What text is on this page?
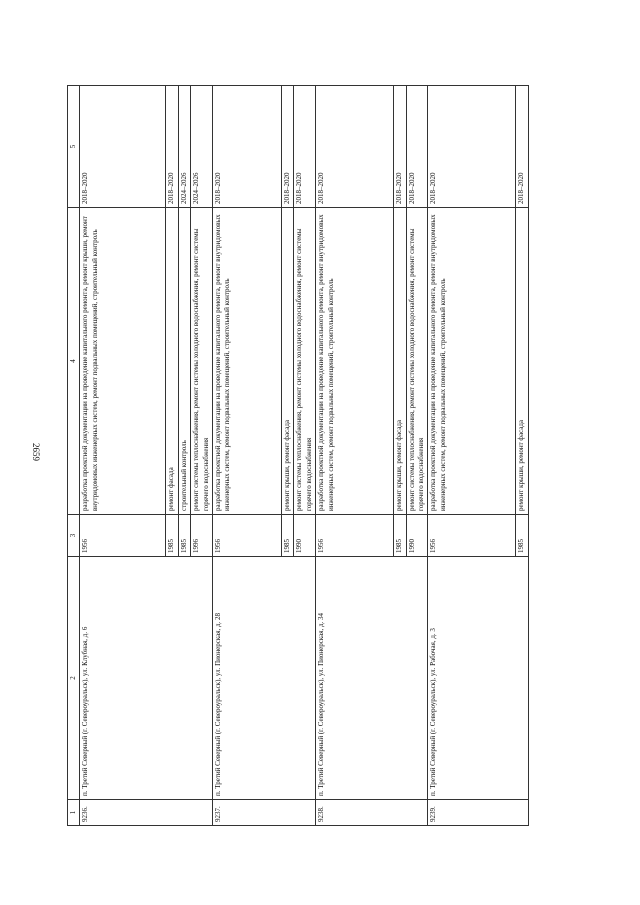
2659
1	2	3	4	5
9236.	п. Третий Северный (г. Североуральск), ул. Клубная, д. 6	1956	разработка проектной документации на проведение капитального ремонта, ремонт крыши, ремонт внутридомовых инженерных систем, ремонт подвальных помещений, строительный контроль	2018–2020
		1985	ремонт фасада	2018–2020
		1985	строительный контроль	2024–2026
		1996	ремонт системы теплоснабжения, ремонт системы холодного водоснабжения, ремонт системы горячего водоснабжения	2024–2026
9237.	п. Третий Северный (г. Североуральск), ул. Пионерская, д. 28	1956	разработка проектной документации на проведение капитального ремонта, ремонт внутридомовых инженерных систем, ремонт подвальных помещений, строительный контроль	2018–2020
		1985	ремонт крыши, ремонт фасада	2018–2020
		1990	ремонт системы теплоснабжения, ремонт системы холодного водоснабжения, ремонт системы горячего водоснабжения	2018–2020
9238.	п. Третий Северный (г. Североуральск), ул. Пионерская, д. 34	1956	разработка проектной документации на проведение капитального ремонта, ремонт внутридомовых инженерных систем, ремонт подвальных помещений, строительный контроль	2018–2020
		1985	ремонт крыши, ремонт фасада	2018–2020
		1990	ремонт системы теплоснабжения, ремонт системы холодного водоснабжения, ремонт системы горячего водоснабжения	2018–2020
9239.	п. Третий Северный (г. Североуральск), ул. Рабочая, д. 3	1956	разработка проектной документации на проведение капитального ремонта, ремонт внутридомовых инженерных систем, ремонт подвальных помещений, строительный контроль	2018–2020
		1985	ремонт крыши, ремонт фасада	2018–2020
